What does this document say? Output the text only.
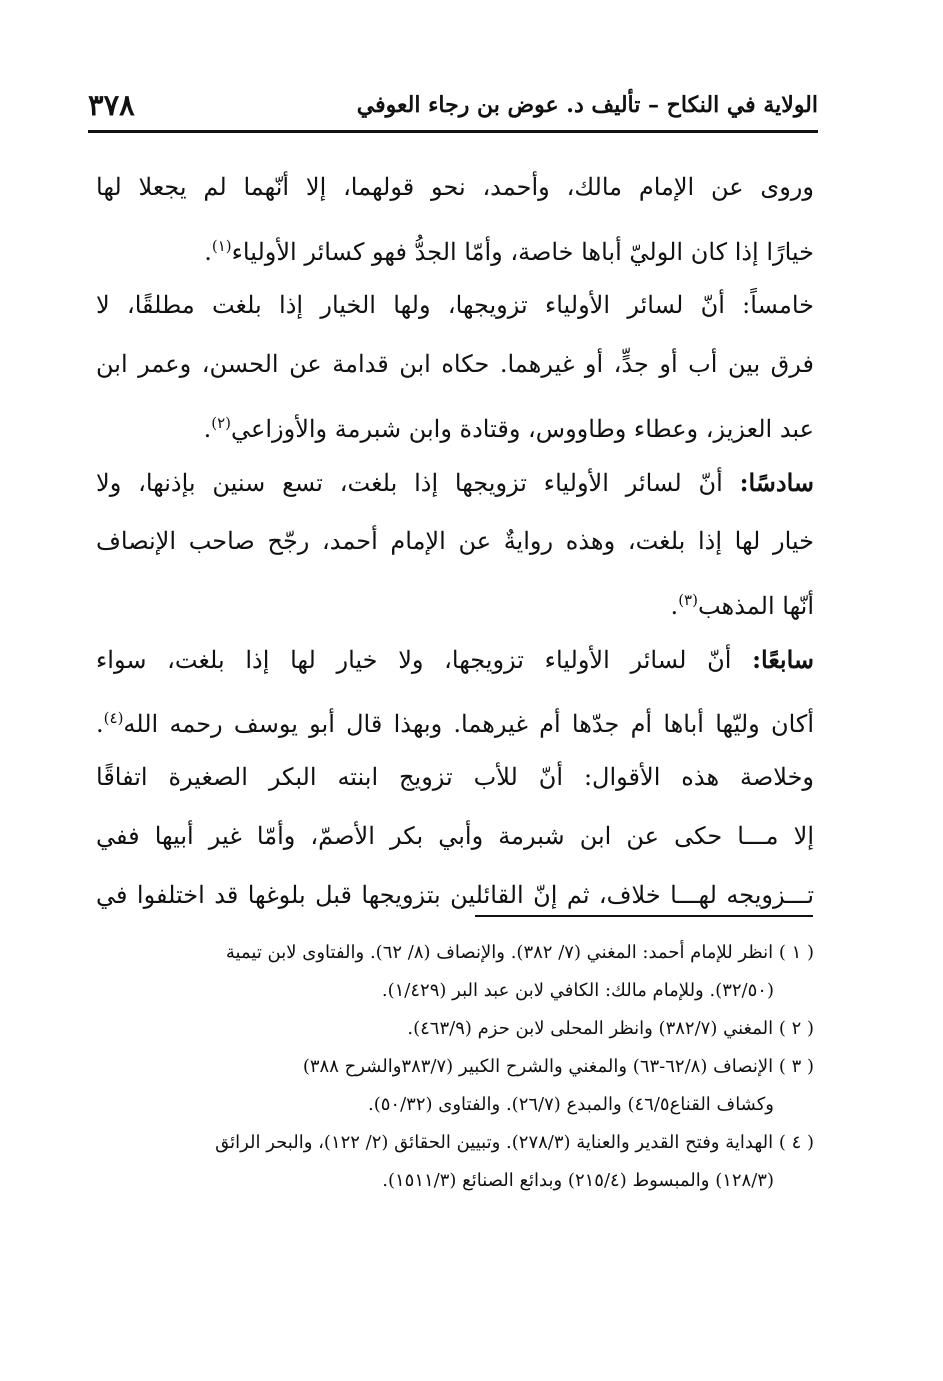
الولاية في النكاح – تأليف د. عوض بن رجاء العوفي
٣٧٨
وروى عن الإمام مالك، وأحمد، نحو قولهما، إلا أنّهما لم يجعلا لها
خيارًا إذا كان الوليّ أباها خاصة، وأمّا الجدُّ فهو كسائر الأولياء$^{(١)}$.
خامساً: أنّ لسائر الأولياء تزويجها، ولها الخيار إذا بلغت مطلقًا، لا
فرق بين أب أو جدٍّ، أو غيرهما. حكاه ابن قدامة عن الحسن، وعمر ابن
عبد العزيز، وعطاء وطاووس، وقتادة وابن شبرمة والأوزاعي$^{(٢)}$.
سادسًا: أنّ لسائر الأولياء تزويجها إذا بلغت، تسع سنين بإذنها، ولا
خيار لها إذا بلغت، وهذه روايةٌ عن الإمام أحمد، رجّح صاحب الإنصاف
أنّها المذهب$^{(٣)}$.
سابعًا: أنّ لسائر الأولياء تزويجها، ولا خيار لها إذا بلغت، سواء
أكان وليّها أباها أم جدّها أم غيرهما. وبهذا قال أبو يوسف رحمه الله$^{(٤)}$.
وخلاصة هذه الأقوال: أنّ للأب تزويج ابنته البكر الصغيرة اتفاقًا
إلا مـــا حكى عن ابن شبرمة وأبي بكر الأصمّ، وأمّا غير أبيها ففي
تـــزويجه لهـــا خلاف، ثم إنّ القائلين بتزويجها قبل بلوغها قد اختلفوا في
( ١ ) انظر للإمام أحمد: المغني (٧/ ٣٨٢). والإنصاف (٨/ ٦٢). والفتاوى لابن تيمية
(٣٢/٥٠). وللإمام مالك: الكافي لابن عبد البر (١/٤٢٩).
( ٢ ) المغني (٣٨٢/٧) وانظر المحلى لابن حزم (٤٦٣/٩).
( ٣ ) الإنصاف (٦٢/٨-٦٣) والمغني والشرح الكبير (٣٨٣/٧والشرح ٣٨٨)
وكشاف القناع٤٦/٥) والمبدع (٢٦/٧). والفتاوى (٥٠/٣٢).
( ٤ ) الهداية وفتح القدير والعناية (٢٧٨/٣). وتبيين الحقائق (٢/ ١٢٢)، والبحر الرائق
(١٢٨/٣) والمبسوط (٢١٥/٤) وبدائع الصنائع (١٥١١/٣).
